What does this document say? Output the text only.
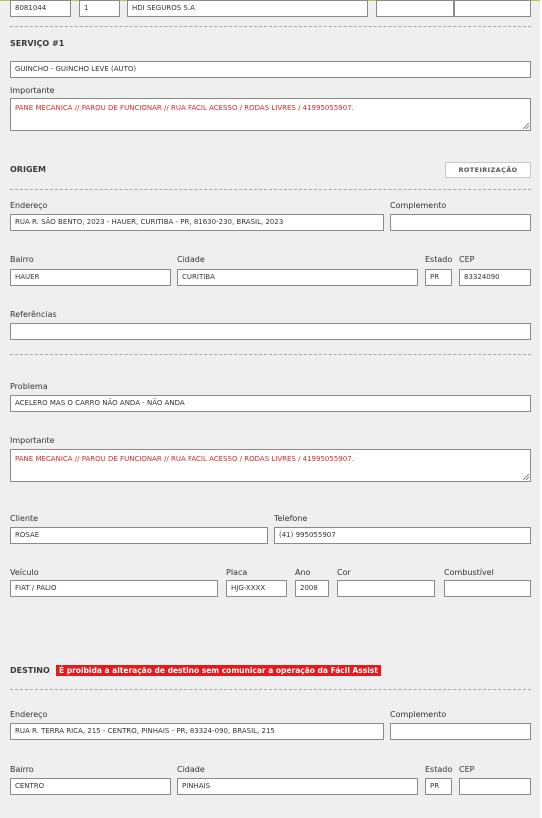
8081044	1	HDI SEGUROS S.A
SERVIÇO #1
GUINCHO - GUINCHO LEVE (AUTO)
Importante
PANE MECANICA // PAROU DE FUNCIONAR // RUA FACIL ACESSO / RODAS LIVRES / 41995055907.
ORIGEM	ROTEIRIZAÇÃO
Endereço
RUA R. SÃO BENTO, 2023 - HAUER, CURITIBA - PR, 81630-230, BRASIL, 2023
Complemento
Bairro
HAUER
Cidade
CURITIBA
Estado
PR
CEP
83324090
Referências
Problema
ACELERO MAS O CARRO NÃO ANDA - NÃO ANDA
Importante
PANE MECANICA // PAROU DE FUNCIONAR // RUA FACIL ACESSO / RODAS LIVRES / 41995055907.
Cliente
ROSAE
Telefone
(41) 995055907
Veículo
FIAT / PALIO
Placa
HJG-XXXX
Ano
2008
Cor	Combustível
DESTINO	É proibida a alteração de destino sem comunicar a operação da Fácil Assist
Endereço
RUA R. TERRA RICA, 215 - CENTRO, PINHAIS - PR, 83324-090, BRASIL, 215
Complemento
Bairro
CENTRO
Cidade
PINHAIS
Estado
PR
CEP
